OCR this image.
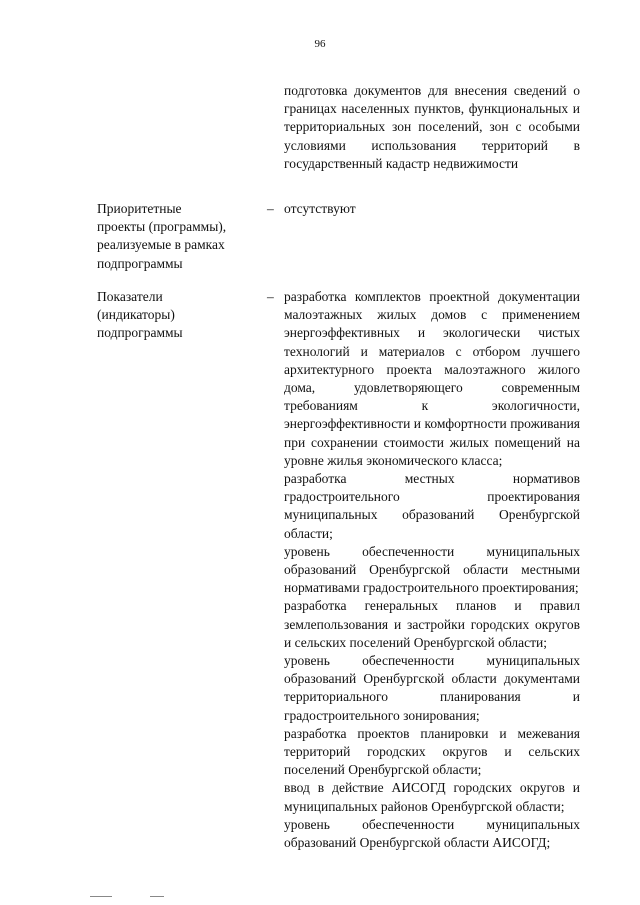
96
подготовка документов для внесения сведений о границах населенных пунктов, функциональных и территориальных зон поселений, зон с особыми условиями использования территорий в государственный кадастр недвижимости
Приоритетные
проекты (программы),
реализуемые в рамках
подпрограммы
– отсутствуют
Показатели
(индикаторы)
подпрограммы
– разработка комплектов проектной документации малоэтажных жилых домов с применением энергоэффективных и экологически чистых технологий и материалов с отбором лучшего архитектурного проекта малоэтажного жилого дома, удовлетворяющего современным требованиям к экологичности, энергоэффективности и комфортности проживания при сохранении стоимости жилых помещений на уровне жилья экономического класса;

разработка местных нормативов градостроительного проектирования муниципальных образований Оренбургской области;

уровень обеспеченности муниципальных образований Оренбургской области местными нормативами градостроительного проектирования;

разработка генеральных планов и правил землепользования и застройки городских округов и сельских поселений Оренбургской области;

уровень обеспеченности муниципальных образований Оренбургской области документами территориального планирования и градостроительного зонирования;

разработка проектов планировки и межевания территорий городских округов и сельских поселений Оренбургской области;

ввод в действие АИСОГД городских округов и муниципальных районов Оренбургской области;

уровень обеспеченности муниципальных образований Оренбургской области АИСОГД;
